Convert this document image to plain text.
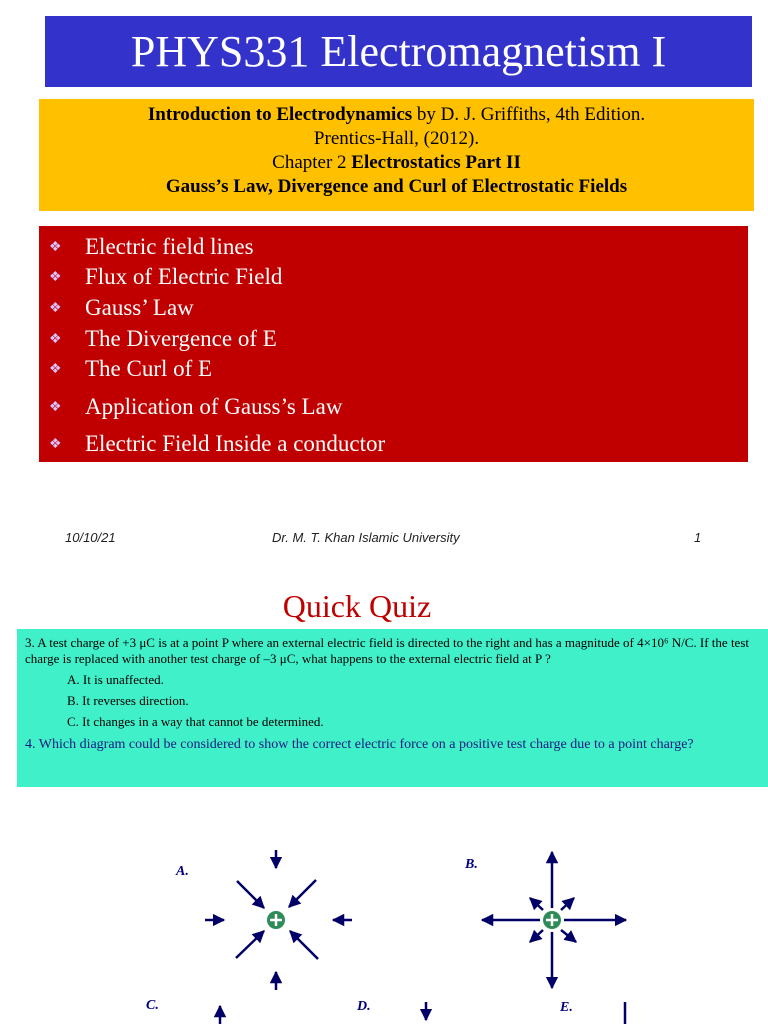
PHYS331 Electromagnetism I
Introduction to Electrodynamics by D. J. Griffiths, 4th Edition.
Prentics-Hall, (2012).
Chapter 2 Electrostatics Part II
Gauss’s Law, Divergence and Curl of Electrostatic Fields
❖ Electric field lines
❖ Flux of Electric Field
❖ Gauss’ Law
❖ The Divergence of E
❖ The Curl of E
❖ Application of Gauss’s Law
❖ Electric Field Inside a conductor
10/10/21	Dr. M. T. Khan Islamic University	1
Quick Quiz
3. A test charge of +3 μC is at a point P where an external electric field is directed to the right and has a magnitude of 4×10⁶ N/C. If the test charge is replaced with another test charge of –3 μC, what happens to the external electric field at P ?
A. It is unaffected.
B. It reverses direction.
C. It changes in a way that cannot be determined.
4. Which diagram could be considered to show the correct electric force on a positive test charge due to a point charge?
A.	B.
C.	D.	E.
